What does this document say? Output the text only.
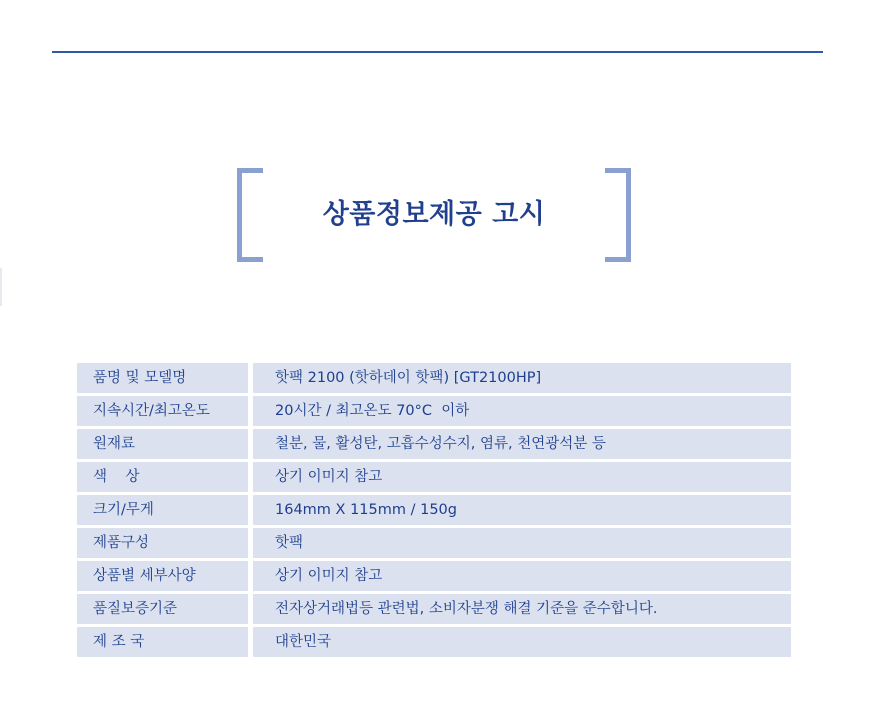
상품정보제공 고시
품명 및 모델명	핫팩 2100 (핫하데이 핫팩) [GT2100HP]
지속시간/최고온도	20시간 / 최고온도 70°C  이하
원재료	철분, 물, 활성탄, 고흡수성수지, 염류, 천연광석분 등
색    상	상기 이미지 참고
크기/무게	164mm X 115mm / 150g
제품구성	핫팩
상품별 세부사양	상기 이미지 참고
품질보증기준	전자상거래법등 관련법, 소비자분쟁 해결 기준을 준수합니다.
제 조 국	대한민국
